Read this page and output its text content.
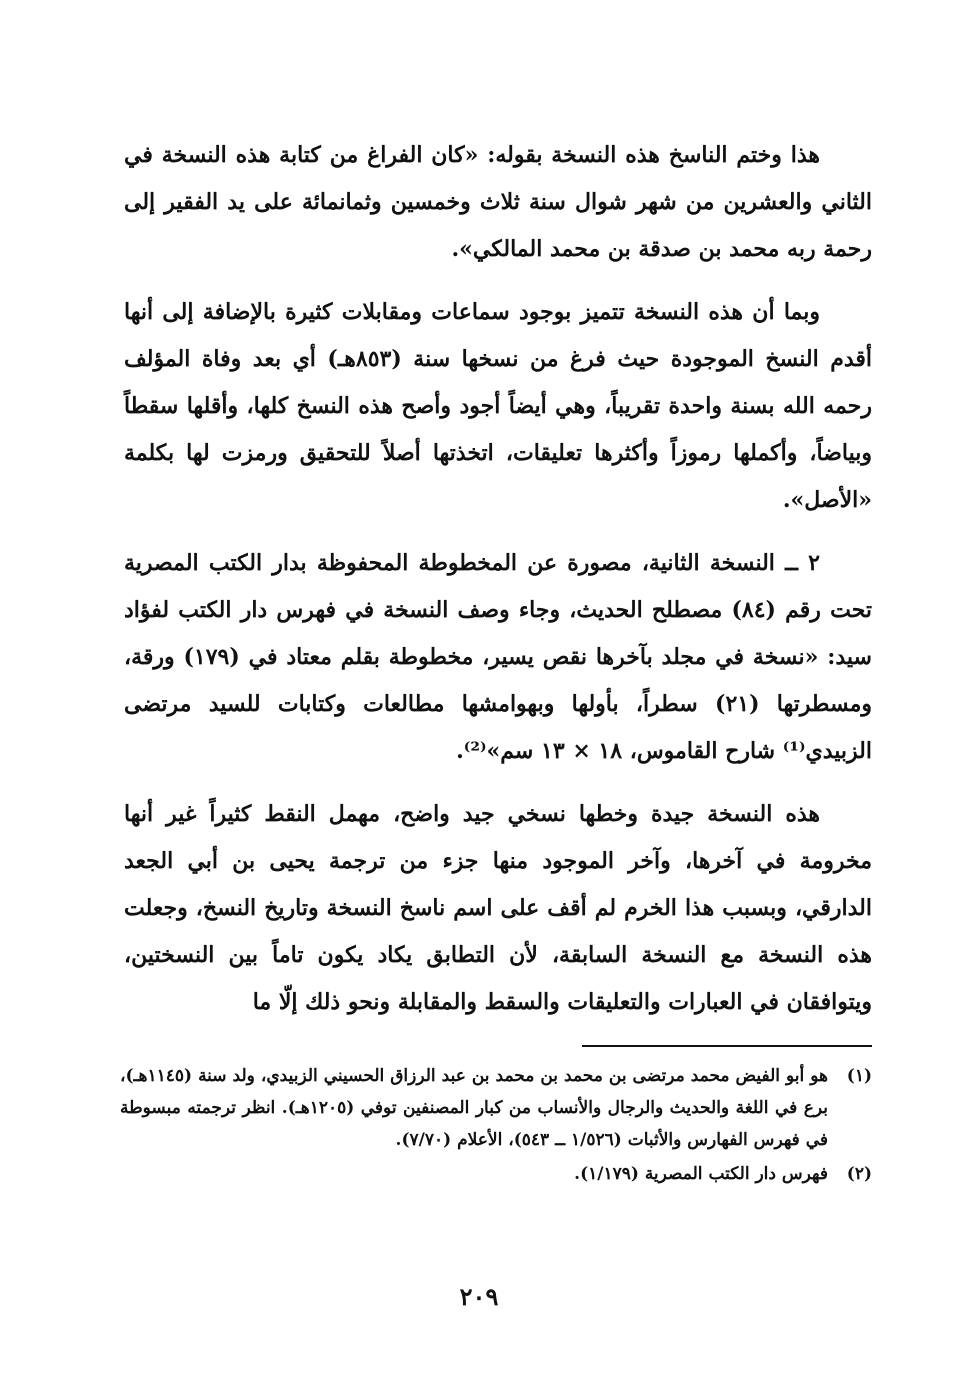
هذا وختم الناسخ هذه النسخة بقوله: «كان الفراغ من كتابة هذه النسخة في الثاني والعشرين من شهر شوال سنة ثلاث وخمسين وثمانمائة على يد الفقير إلى رحمة ربه محمد بن صدقة بن محمد المالكي».

وبما أن هذه النسخة تتميز بوجود سماعات ومقابلات كثيرة بالإضافة إلى أنها أقدم النسخ الموجودة حيث فرغ من نسخها سنة (٨٥٣هـ) أي بعد وفاة المؤلف رحمه الله بسنة واحدة تقريباً، وهي أيضاً أجود وأصح هذه النسخ كلها، وأقلها سقطاً وبياضاً، وأكملها رموزاً وأكثرها تعليقات، اتخذتها أصلاً للتحقيق ورمزت لها بكلمة «الأصل».

٢ ــ النسخة الثانية، مصورة عن المخطوطة المحفوظة بدار الكتب المصرية تحت رقم (٨٤) مصطلح الحديث، وجاء وصف النسخة في فهرس دار الكتب لفؤاد سيد: «نسخة في مجلد بآخرها نقص يسير، مخطوطة بقلم معتاد في (١٧٩) ورقة، ومسطرتها (٢١) سطراً، بأولها وبهوامشها مطالعات وكتابات للسيد مرتضى الزبيدي⁽¹⁾ شارح القاموس، ١٨ × ١٣ سم»⁽²⁾.

هذه النسخة جيدة وخطها نسخي جيد واضح، مهمل النقط كثيراً غير أنها مخرومة في آخرها، وآخر الموجود منها جزء من ترجمة يحيى بن أبي الجعد الدارقي، وبسبب هذا الخرم لم أقف على اسم ناسخ النسخة وتاريخ النسخ، وجعلت هذه النسخة مع النسخة السابقة، لأن التطابق يكاد يكون تاماً بين النسختين، ويتوافقان في العبارات والتعليقات والسقط والمقابلة ونحو ذلك إلّا ما

(١)
هو أبو الفيض محمد مرتضى بن محمد بن محمد بن عبد الرزاق الحسيني الزبيدي، ولد سنة (١١٤٥هـ)، برع في اللغة والحديث والرجال والأنساب من كبار المصنفين توفي (١٢٠٥هـ). انظر ترجمته مبسوطة في فهرس الفهارس والأثبات (١/٥٢٦ ــ ٥٤٣)، الأعلام (٧/٧٠).
(٢)
فهرس دار الكتب المصرية (١/١٧٩).
٢٠٩
